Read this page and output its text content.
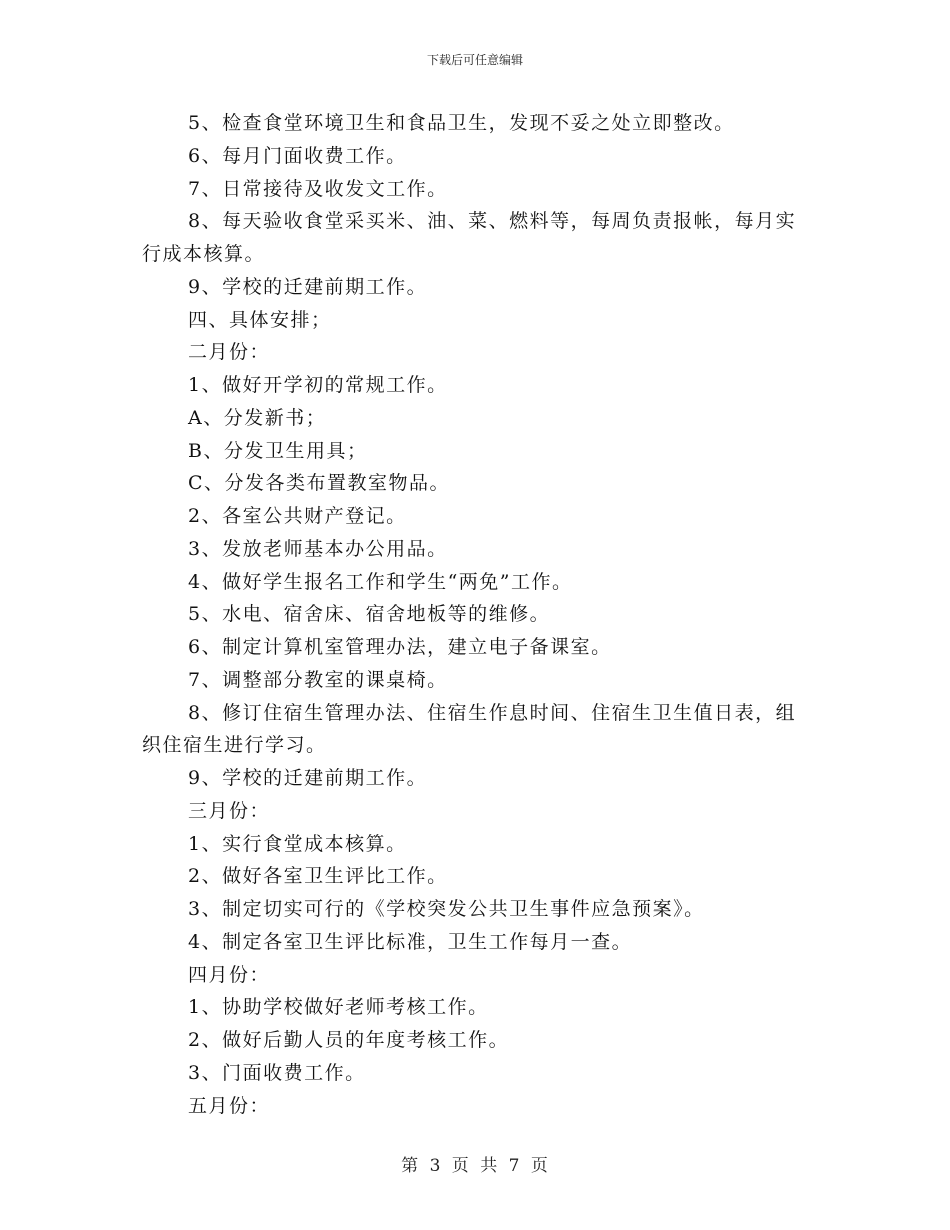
下载后可任意编辑

5、检查食堂环境卫生和食品卫生，发现不妥之处立即整改。

6、每月门面收费工作。

7、日常接待及收发文工作。

8、每天验收食堂采买米、油、菜、燃料等，每周负责报帐，每月实行成本核算。

9、学校的迁建前期工作。

四、具体安排；

二月份：

1、做好开学初的常规工作。

A、分发新书；

B、分发卫生用具；

C、分发各类布置教室物品。

2、各室公共财产登记。

3、发放老师基本办公用品。

4、做好学生报名工作和学生“两免”工作。

5、水电、宿舍床、宿舍地板等的维修。

6、制定计算机室管理办法，建立电子备课室。

7、调整部分教室的课桌椅。

8、修订住宿生管理办法、住宿生作息时间、住宿生卫生值日表，组织住宿生进行学习。

9、学校的迁建前期工作。

三月份：

1、实行食堂成本核算。

2、做好各室卫生评比工作。

3、制定切实可行的《学校突发公共卫生事件应急预案》。

4、制定各室卫生评比标准，卫生工作每月一查。

四月份：

1、协助学校做好老师考核工作。

2、做好后勤人员的年度考核工作。

3、门面收费工作。

五月份：

第 3 页 共 7 页
